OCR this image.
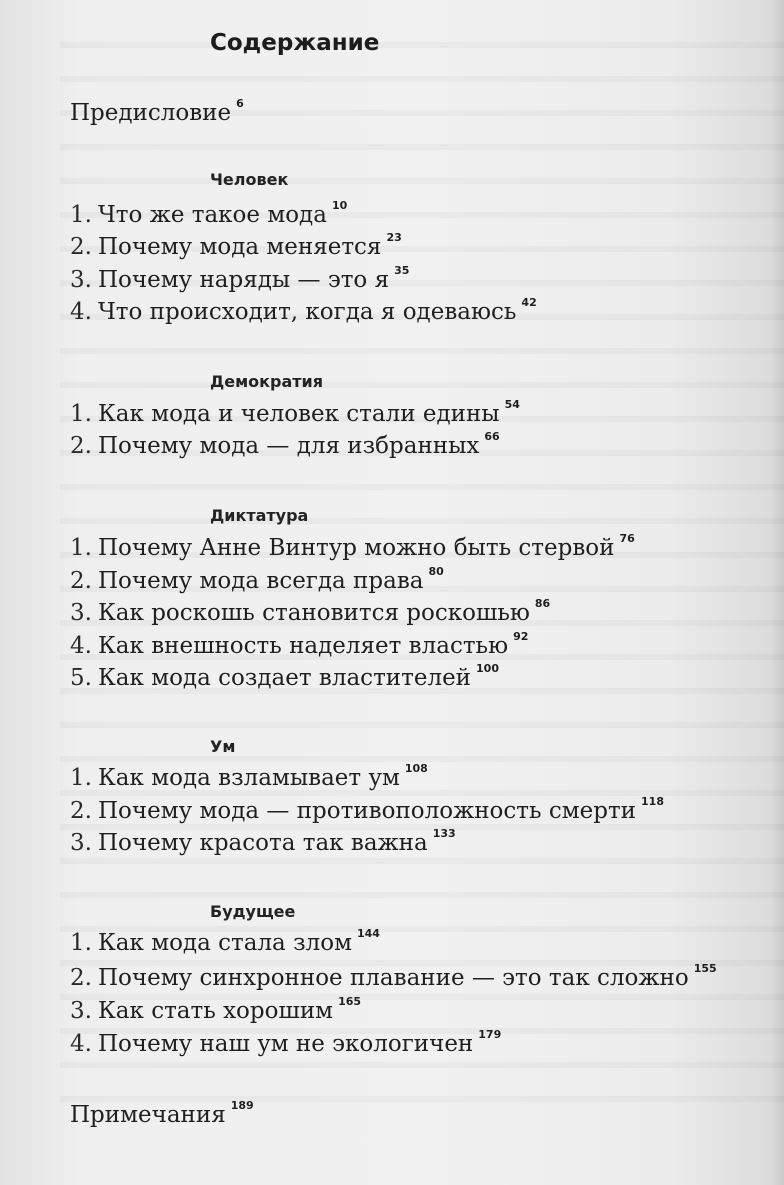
Содержание
Предисловие $^6$
Человек
1. Что же такое мода $^{10}$
2. Почему мода меняется $^{23}$
3. Почему наряды — это я $^{35}$
4. Что происходит, когда я одеваюсь $^{42}$
Демократия
1. Как мода и человек стали едины $^{54}$
2. Почему мода — для избранных $^{66}$
Диктатура
1. Почему Анне Винтур можно быть стервой $^{76}$
2. Почему мода всегда права $^{80}$
3. Как роскошь становится роскошью $^{86}$
4. Как внешность наделяет властью $^{92}$
5. Как мода создает властителей $^{100}$
Ум
1. Как мода взламывает ум $^{108}$
2. Почему мода — противоположность смерти $^{118}$
3. Почему красота так важна $^{133}$
Будущее
1. Как мода стала злом $^{144}$
2. Почему синхронное плавание — это так сложно $^{155}$
3. Как стать хорошим $^{165}$
4. Почему наш ум не экологичен $^{179}$
Примечания $^{189}$
